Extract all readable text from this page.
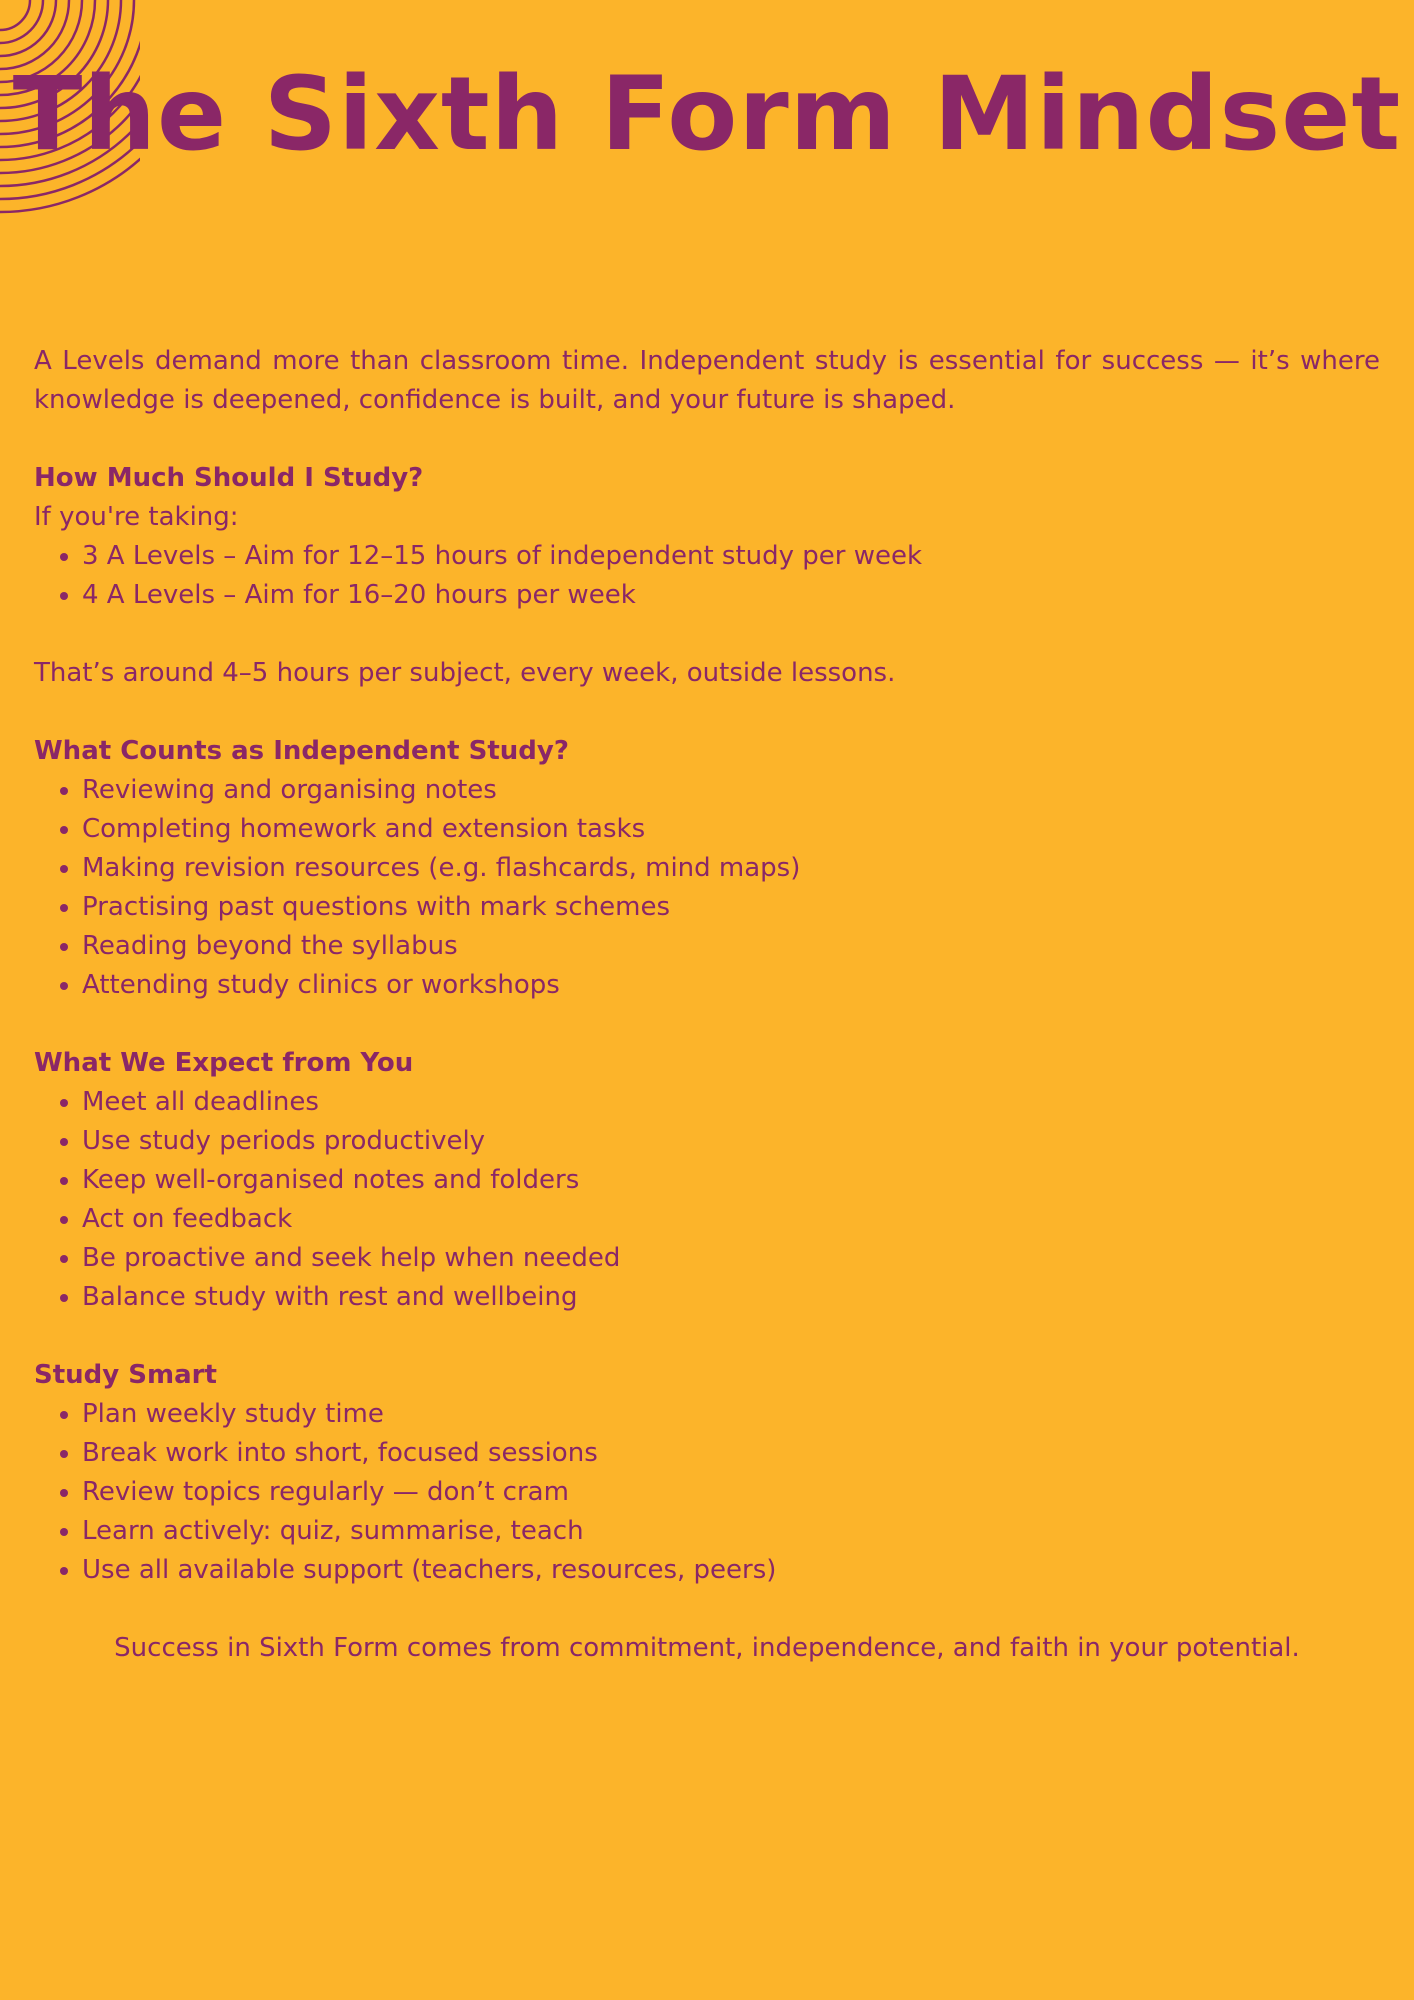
The Sixth Form Mindset

A Levels demand more than classroom time. Independent study is essential for success — it’s where knowledge is deepened, confidence is built, and your future is shaped.

How Much Should I Study?

If you're taking:

• 3 A Levels – Aim for 12–15 hours of independent study per week
• 4 A Levels – Aim for 16–20 hours per week

That’s around 4–5 hours per subject, every week, outside lessons.

What Counts as Independent Study?

• Reviewing and organising notes
• Completing homework and extension tasks
• Making revision resources (e.g. flashcards, mind maps)
• Practising past questions with mark schemes
• Reading beyond the syllabus
• Attending study clinics or workshops

What We Expect from You

• Meet all deadlines
• Use study periods productively
• Keep well-organised notes and folders
• Act on feedback
• Be proactive and seek help when needed
• Balance study with rest and wellbeing

Study Smart

• Plan weekly study time
• Break work into short, focused sessions
• Review topics regularly — don’t cram
• Learn actively: quiz, summarise, teach
• Use all available support (teachers, resources, peers)

Success in Sixth Form comes from commitment, independence, and faith in your potential.
